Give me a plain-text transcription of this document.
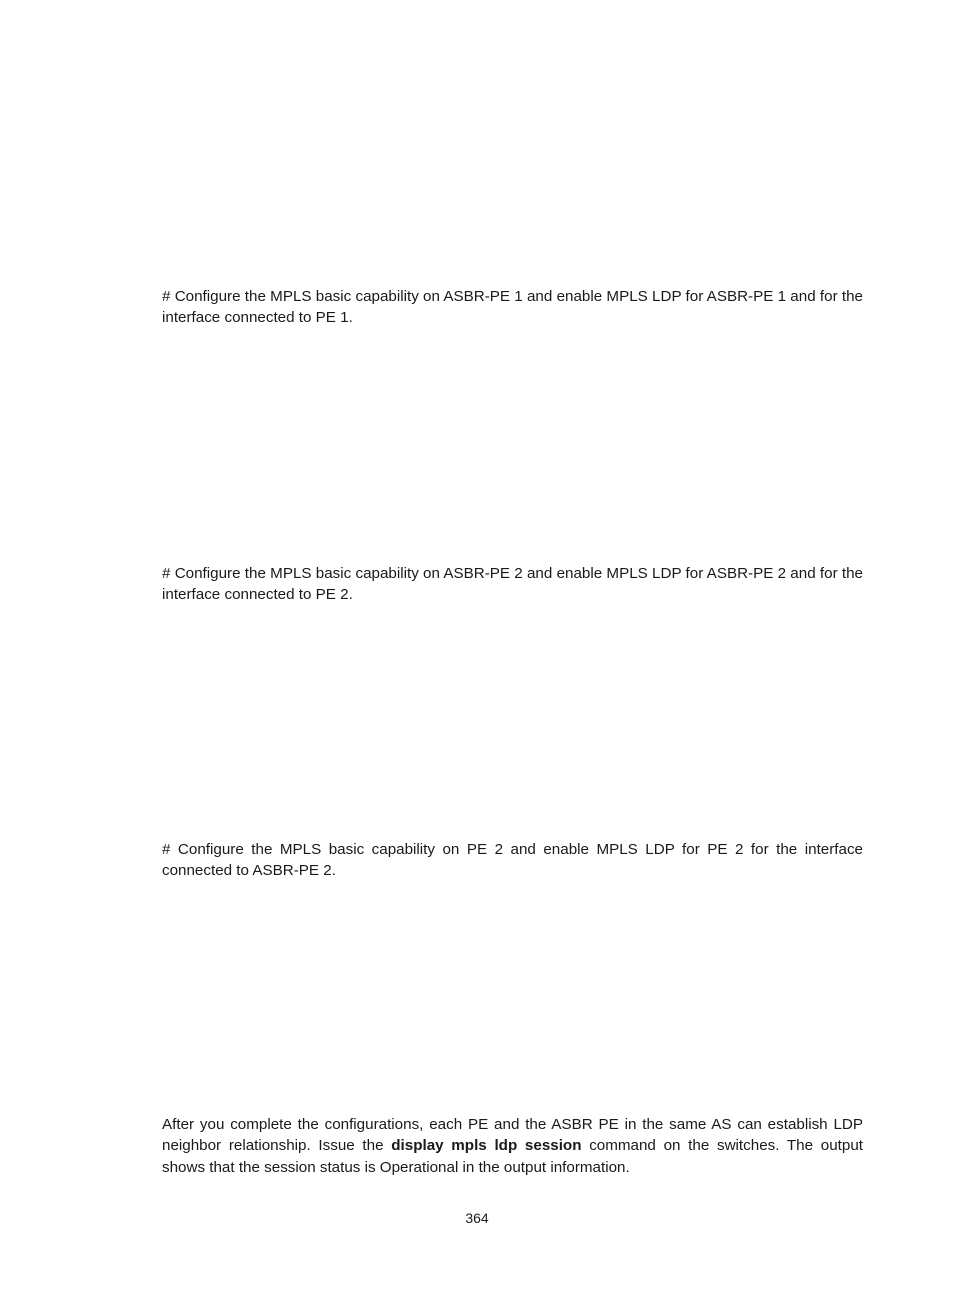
# Configure the MPLS basic capability on ASBR-PE 1 and enable MPLS LDP for ASBR-PE 1 and for the interface connected to PE 1.

# Configure the MPLS basic capability on ASBR-PE 2 and enable MPLS LDP for ASBR-PE 2 and for the interface connected to PE 2.

# Configure the MPLS basic capability on PE 2 and enable MPLS LDP for PE 2 for the interface connected to ASBR-PE 2.

After you complete the configurations, each PE and the ASBR PE in the same AS can establish LDP neighbor relationship. Issue the display mpls ldp session command on the switches. The output shows that the session status is Operational in the output information.

364
